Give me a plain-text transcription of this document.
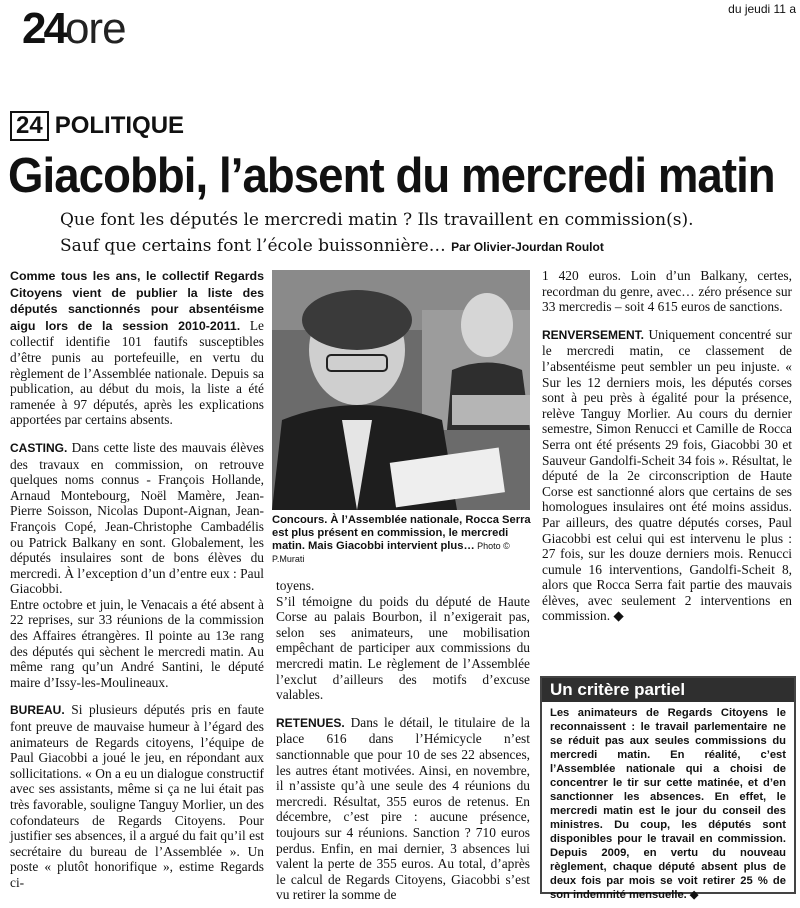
24ore	du jeudi 11 a
24 POLITIQUE
Giacobbi, l’absent du mercredi matin
Que font les députés le mercredi matin ? Ils travaillent en commission(s).
Sauf que certains font l’école buissonnière… Par Olivier-Jourdan Roulot

Comme tous les ans, le collectif Regards Citoyens vient de publier la liste des députés sanctionnés pour absentéisme aigu lors de la session 2010-2011. Le collectif identifie 101 fautifs susceptibles d’être punis au portefeuille, en vertu du règlement de l’Assemblée nationale. Depuis sa publication, au début du mois, la liste a été ramenée à 97 députés, après les explications apportées par certains absents.

CASTING. Dans cette liste des mauvais élèves des travaux en commission, on retrouve quelques noms connus - François Hollande, Arnaud Montebourg, Noël Mamère, Jean-Pierre Soisson, Nicolas Dupont-Aignan, Jean-François Copé, Jean-Christophe Cambadélis ou Patrick Balkany en sont. Globalement, les députés insulaires sont de bons élèves du mercredi. À l’exception d’un d’entre eux : Paul Giacobbi.

Entre octobre et juin, le Venacais a été absent à 22 reprises, sur 33 réunions de la commission des Affaires étrangères. Il pointe au 13e rang des députés qui sèchent le mercredi matin. Au même rang qu’un André Santini, le député maire d’Issy-les-Moulineaux.

BUREAU. Si plusieurs députés pris en faute font preuve de mauvaise humeur à l’égard des animateurs de Regards citoyens, l’équipe de Paul Giacobbi a joué le jeu, en répondant aux sollicitations. « On a eu un dialogue constructif avec ses assistants, même si ça ne lui était pas très favorable, souligne Tanguy Morlier, un des cofondateurs de Regards Citoyens. Pour justifier ses absences, il a argué du fait qu’il est secrétaire du bureau de l’Assemblée ». Un poste « plutôt honorifique », estime Regards ci-

Concours. À l’Assemblée nationale, Rocca Serra est plus présent en commission, le mercredi matin. Mais Giacobbi intervient plus… Photo © P.Murati

toyens.

S’il témoigne du poids du député de Haute Corse au palais Bourbon, il n’exigerait pas, selon ses animateurs, une mobilisation empêchant de participer aux commissions du mercredi matin. Le règlement de l’Assemblée l’exclut d’ailleurs des motifs d’excuse valables.

RETENUES. Dans le détail, le titulaire de la place 616 dans l’Hémicycle n’est sanctionnable que pour 10 de ses 22 absences, les autres étant motivées. Ainsi, en novembre, il n’assiste qu’à une seule des 4 réunions du mercredi. Résultat, 355 euros de retenus. En décembre, c’est pire : aucune présence, toujours sur 4 réunions. Sanction ? 710 euros perdus. Enfin, en mai dernier, 3 absences lui valent la perte de 355 euros. Au total, d’après le calcul de Regards Citoyens, Giacobbi s’est vu retirer la somme de

1 420 euros. Loin d’un Balkany, certes, recordman du genre, avec… zéro présence sur 33 mercredis – soit 4 615 euros de sanctions.

RENVERSEMENT. Uniquement concentré sur le mercredi matin, ce classement de l’absentéisme peut sembler un peu injuste. « Sur les 12 derniers mois, les députés corses sont à peu près à égalité pour la présence, relève Tanguy Morlier. Au cours du dernier semestre, Simon Renucci et Camille de Rocca Serra ont été présents 29 fois, Giacobbi 30 et Sauveur Gandolfi-Scheit 34 fois ». Résultat, le député de la 2e circonscription de Haute Corse est sanctionné alors que certains de ses homologues insulaires ont été moins assidus. Par ailleurs, des quatre députés corses, Paul Giacobbi est celui qui est intervenu le plus : 27 fois, sur les douze derniers mois. Renucci cumule 16 interventions, Gandolfi-Scheit 8, alors que Rocca Serra fait partie des mauvais élèves, avec seulement 2 interventions en commission. ◆

Un critère partiel
Les animateurs de Regards Citoyens le reconnaissent : le travail parlementaire ne se réduit pas aux seules commissions du mercredi matin. En réalité, c’est l’Assemblée nationale qui a choisi de concentrer le tir sur cette matinée, et d’en sanctionner les absences. En effet, le mercredi matin est le jour du conseil des ministres. Du coup, les députés sont disponibles pour le travail en commission. Depuis 2009, en vertu du nouveau règlement, chaque député absent plus de deux fois par mois se voit retirer 25 % de son indemnité mensuelle. ◆
